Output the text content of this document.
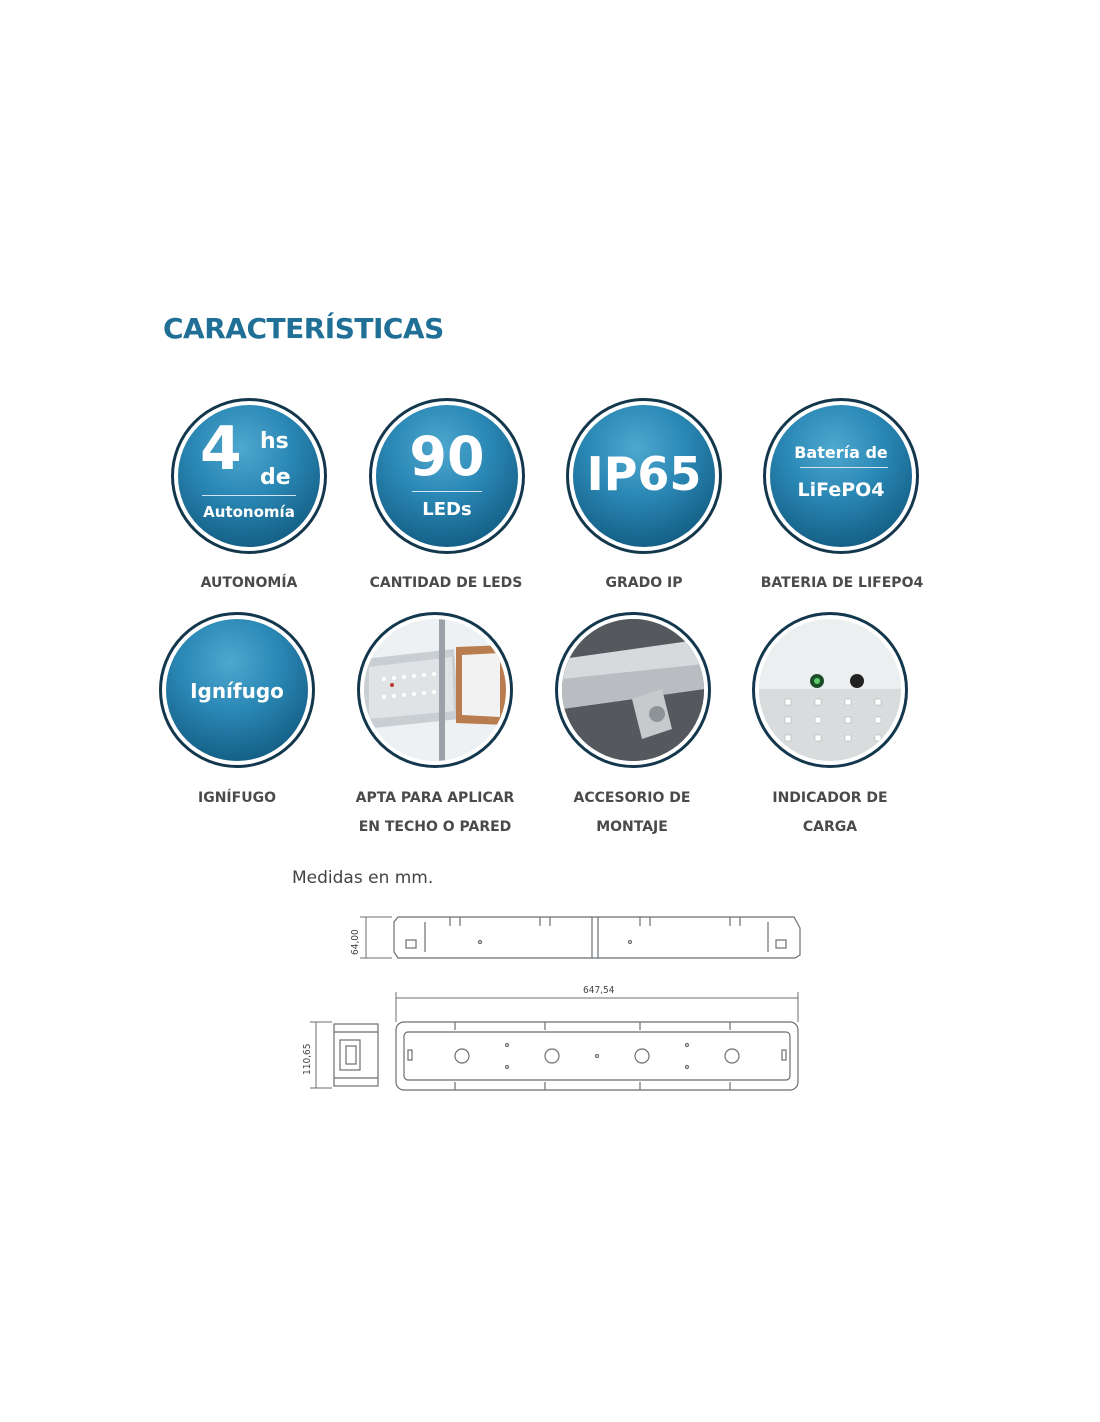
CARACTERÍSTICAS
4 hs
de
Autonomía
90
LEDs
IP65	Batería de
LiFePO4

AUTONOMÍA	CANTIDAD DE LEDS	GRADO IP	BATERIA DE LIFEPO4

Ignífugo

IGNÍFUGO	APTA PARA APLICAR

EN TECHO O PARED

ACCESORIO DE

MONTAJE

INDICADOR DE

CARGA

Medidas en mm.
64,00
647,54
110,65
